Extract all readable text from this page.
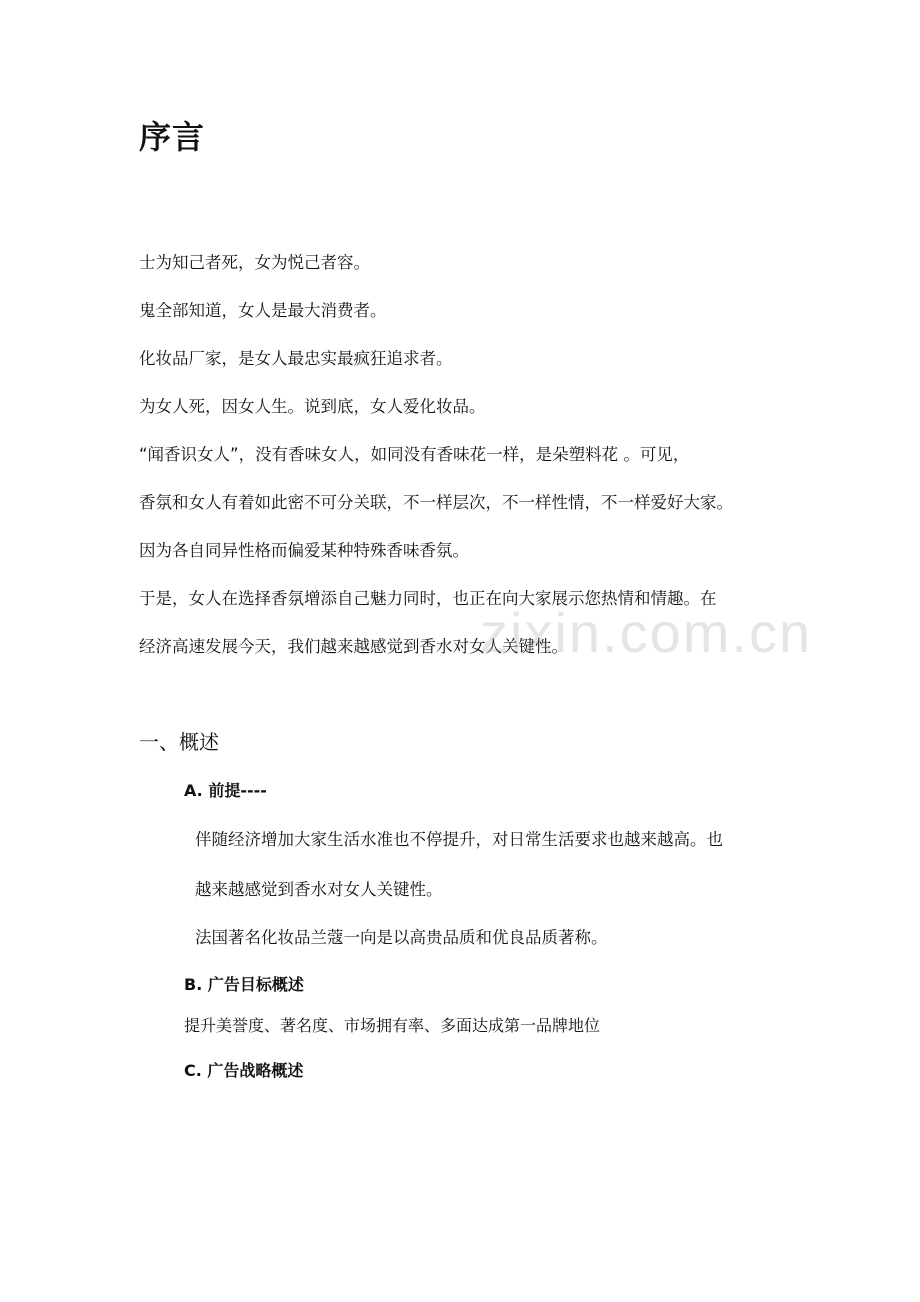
序言

士为知己者死，女为悦己者容。

鬼全部知道，女人是最大消费者。

化妆品厂家，是女人最忠实最疯狂追求者。

为女人死，因女人生。说到底，女人爱化妆品。

“闻香识女人”，没有香味女人，如同没有香味花一样，是朵塑料花 。可见，

香氛和女人有着如此密不可分关联，不一样层次，不一样性情，不一样爱好大家。

因为各自同异性格而偏爱某种特殊香味香氛。

于是，女人在选择香氛增添自己魅力同时，也正在向大家展示您热情和情趣。在

经济高速发展今天，我们越来越感觉到香水对女人关键性。

zixin.com.cn
一、概述
A. 前提----

伴随经济增加大家生活水准也不停提升，对日常生活要求也越来越高。也

越来越感觉到香水对女人关键性。

法国著名化妆品兰蔻一向是以高贵品质和优良品质著称。

B. 广告目标概述

提升美誉度、著名度、市场拥有率、多面达成第一品牌地位

C. 广告战略概述
